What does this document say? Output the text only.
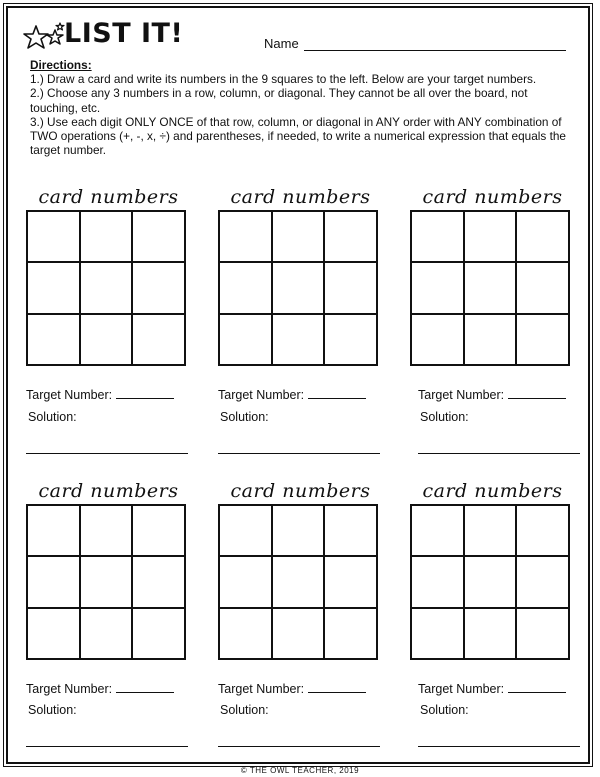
LIST IT!	Name
Directions:

1.) Draw a card and write its numbers in the 9 squares to the left. Below are your target numbers.

2.) Choose any 3 numbers in a row, column, or diagonal. They cannot be all over the board, not touching, etc.

3.) Use each digit ONLY ONCE of that row, column, or diagonal in ANY order with ANY combination of TWO operations (+, -, x, ÷) and parentheses, if needed, to write a numerical expression that equals the target number.

card numbers	card numbers	card numbers
Target Number:	Target Number:	Target Number:
Solution:	Solution:	Solution:
card numbers	card numbers	card numbers
Target Number:	Target Number:	Target Number:
Solution:	Solution:	Solution:
© THE OWL TEACHER, 2019
